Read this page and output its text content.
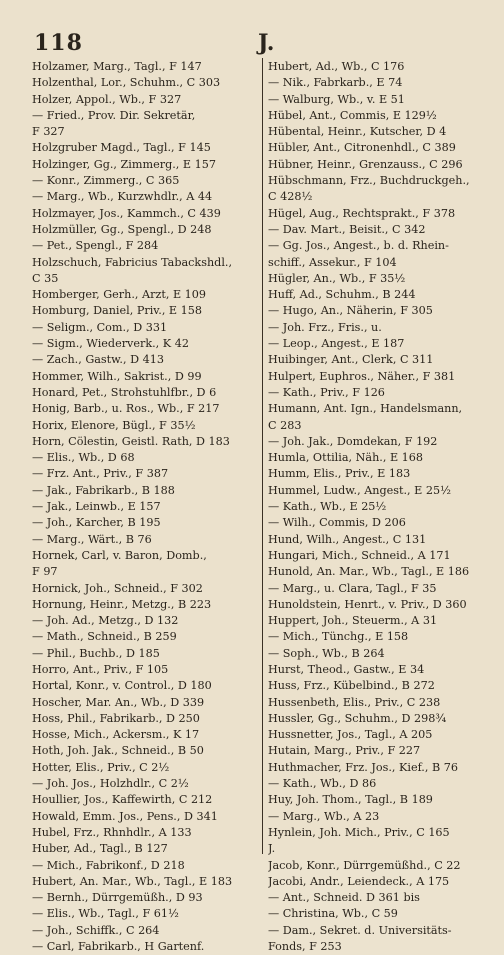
118	J.
Holzamer, Marg., Tagl., F 147
Holzenthal, Lor., Schuhm., C 303
Holzer, Appol., Wb., F 327
— Fried., Prov. Dir. Sekretär,
F 327
Holzgruber Magd., Tagl., F 145
Holzinger, Gg., Zimmerg., E 157
— Konr., Zimmerg., C 365
— Marg., Wb., Kurzwhdlr., A 44
Holzmayer, Jos., Kammch., C 439
Holzmüller, Gg., Spengl., D 248
— Pet., Spengl., F 284
Holzschuch, Fabricius Tabackshdl.,
C 35
Homberger, Gerh., Arzt, E 109
Homburg, Daniel, Priv., E 158
— Seligm., Com., D 331
— Sigm., Wiederverk., K 42
— Zach., Gastw., D 413
Hommer, Wilh., Sakrist., D 99
Honard, Pet., Strohstuhlfbr., D 6
Honig, Barb., u. Ros., Wb., F 217
Horix, Elenore, Bügl., F 35½
Horn, Cölestin, Geistl. Rath, D 183
— Elis., Wb., D 68
— Frz. Ant., Priv., F 387
— Jak., Fabrikarb., B 188
— Jak., Leinwb., E 157
— Joh., Karcher, B 195
— Marg., Wärt., B 76
Hornek, Carl, v. Baron, Domb.,
F 97
Hornick, Joh., Schneid., F 302
Hornung, Heinr., Metzg., B 223
— Joh. Ad., Metzg., D 132
— Math., Schneid., B 259
— Phil., Buchb., D 185
Horro, Ant., Priv., F 105
Hortal, Konr., v. Control., D 180
Hoscher, Mar. An., Wb., D 339
Hoss, Phil., Fabrikarb., D 250
Hosse, Mich., Ackersm., K 17
Hoth, Joh. Jak., Schneid., B 50
Hotter, Elis., Priv., C 2½
— Joh. Jos., Holzhdlr., C 2½
Houllier, Jos., Kaffewirth, C 212
Howald, Emm. Jos., Pens., D 341
Hubel, Frz., Rhnhdlr., A 133
Huber, Ad., Tagl., B 127
— Mich., Fabrikonf., D 218
Hubert, An. Mar., Wb., Tagl., E 183
— Bernh., Dürrgemüßh., D 93
— Elis., Wb., Tagl., F 61½
— Joh., Schiffk., C 264
— Carl, Fabrikarb., H Gartenf.
Hubert, Ad., Wb., C 176
— Nik., Fabrkarb., E 74
— Walburg, Wb., v. E 51
Hübel, Ant., Commis, E 129½
Hübental, Heinr., Kutscher, D 4
Hübler, Ant., Citronenhdl., C 389
Hübner, Heinr., Grenzauss., C 296
Hübschmann, Frz., Buchdruckgeh.,
C 428½
Hügel, Aug., Rechtsprakt., F 378
— Dav. Mart., Beisit., C 342
— Gg. Jos., Angest., b. d. Rhein-
schiff., Assekur., F 104
Hügler, An., Wb., F 35½
Huff, Ad., Schuhm., B 244
— Hugo, An., Näherin, F 305
— Joh. Frz., Fris., u.
— Leop., Angest., E 187
Huibinger, Ant., Clerk, C 311
Hulpert, Euphros., Näher., F 381
— Kath., Priv., F 126
Humann, Ant. Ign., Handelsmann,
C 283
— Joh. Jak., Domdekan, F 192
Humla, Ottilia, Näh., E 168
Humm, Elis., Priv., E 183
Hummel, Ludw., Angest., E 25½
— Kath., Wb., E 25½
— Wilh., Commis, D 206
Hund, Wilh., Angest., C 131
Hungari, Mich., Schneid., A 171
Hunold, An. Mar., Wb., Tagl., E 186
— Marg., u. Clara, Tagl., F 35
Hunoldstein, Henrt., v. Priv., D 360
Huppert, Joh., Steuerm., A 31
— Mich., Tünchg., E 158
— Soph., Wb., B 264
Hurst, Theod., Gastw., E 34
Huss, Frz., Kübelbind., B 272
Hussenbeth, Elis., Priv., C 238
Hussler, Gg., Schuhm., D 298¾
Hussnetter, Jos., Tagl., A 205
Hutain, Marg., Priv., F 227
Huthmacher, Frz. Jos., Kief., B 76
— Kath., Wb., D 86
Huy, Joh. Thom., Tagl., B 189
— Marg., Wb., A 23
Hynlein, Joh. Mich., Priv., C 165
J.
Jacob, Konr., Dürrgemüßhd., C 22
Jacobi, Andr., Leiendeck., A 175
— Ant., Schneid. D 361 bis
— Christina, Wb., C 59
— Dam., Sekret. d. Universitäts-
Fonds, F 253
